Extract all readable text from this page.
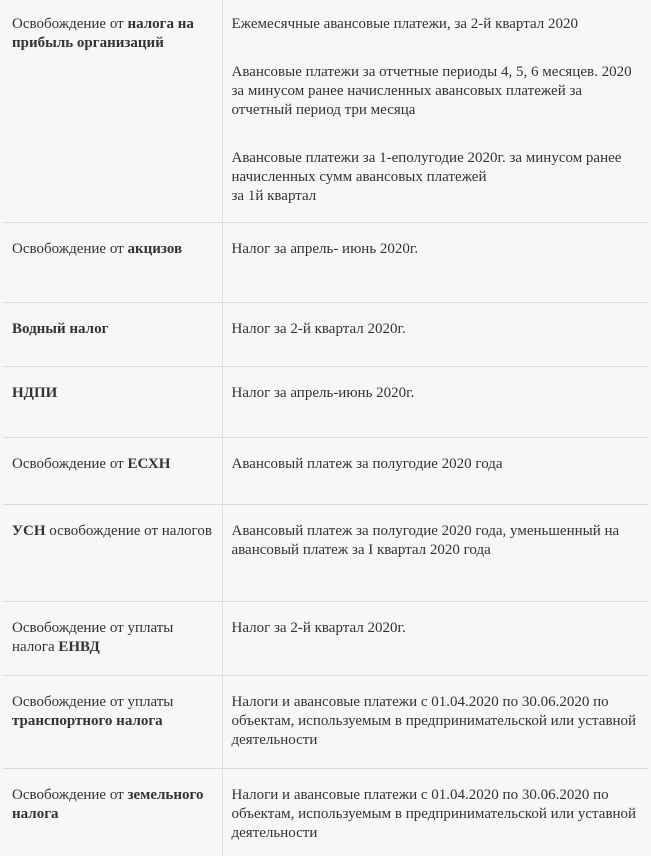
Освобождение от налога на прибыль организаций	Ежемесячные авансовые платежи, за 2-й квартал 2020
Авансовые платежи за отчетные периоды 4, 5, 6 месяцев. 2020 за минусом ранее начисленных авансовых платежей за отчетный период три месяца
Авансовые платежи за 1-еполугодие 2020г. за минусом ранее начисленных сумм авансовых платежей
за 1й квартал

Освобождение от акцизов	Налог за апрель- июнь 2020г.

Водный налог	Налог за 2-й квартал 2020г.

НДПИ	Налог за апрель-июнь 2020г.

Освобождение от ЕСХН	Авансовый платеж за полугодие 2020 года

УСН освобождение от налогов	Авансовый платеж за полугодие 2020 года, уменьшенный на авансовый платеж за I квартал 2020 года

Освобождение от уплаты налога ЕНВД	Налог за 2-й квартал 2020г.

Освобождение от уплаты транспортного налога	Налоги и авансовые платежи с 01.04.2020 по 30.06.2020 по объектам, используемым в предпринимательской или уставной деятельности

Освобождение от земельного налога	Налоги и авансовые платежи с 01.04.2020 по 30.06.2020 по объектам, используемым в предпринимательской или уставной деятельности
